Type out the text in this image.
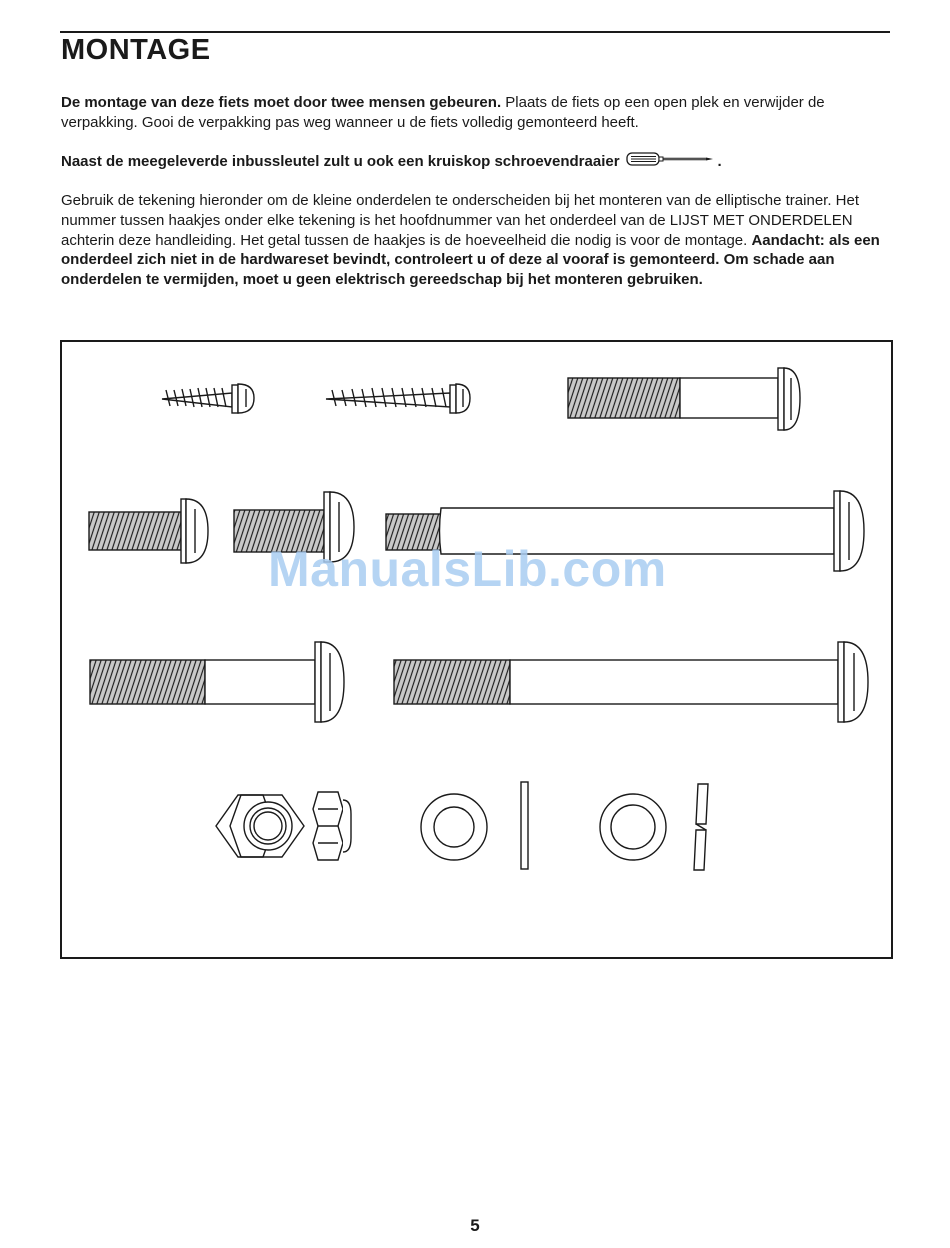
MONTAGE

De montage van deze fiets moet door twee mensen gebeuren. Plaats de fiets op een open plek en verwijder de verpakking. Gooi de verpakking pas weg wanneer u de fiets volledig gemonteerd heeft.

Naast de meegeleverde inbussleutel zult u ook een kruiskop schroevendraaier	.

Gebruik de tekening hieronder om de kleine onderdelen te onderscheiden bij het monteren van de elliptische trainer. Het nummer tussen haakjes onder elke tekening is het hoofdnummer van het onderdeel van de LIJST MET ONDERDELEN achterin deze handleiding. Het getal tussen de haakjes is de hoeveelheid die nodig is voor de montage. Aandacht: als een onderdeel zich niet in de hardwareset bevindt, controleert u of deze al vooraf is gemonteerd. Om schade aan onderdelen te vermijden, moet u geen elektrisch gereedschap bij het monteren gebruiken.

ManualsLib.com
5
